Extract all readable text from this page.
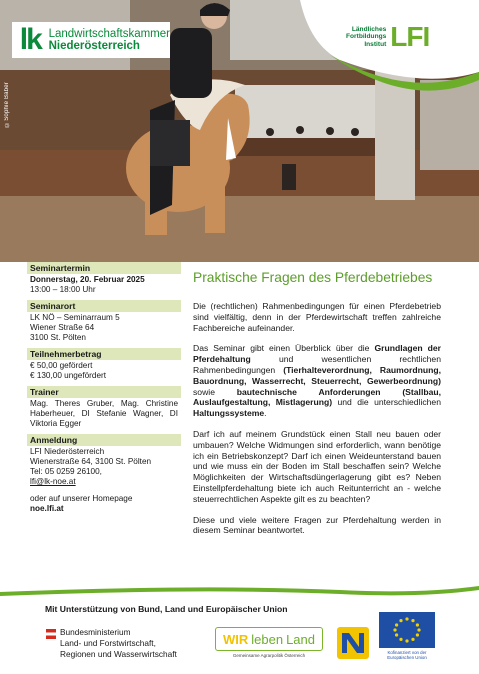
©Sophie Baber
lk Landwirtschaftskammer
Niederösterreich
Ländliches
Fortbildungs
Institut LFI
Seminartermin
Donnerstag, 20. Februar 2025
13:00 – 18:00 Uhr
Seminarort
LK NÖ – Seminarraum 5
Wiener Straße 64
3100 St. Pölten
Teilnehmerbetrag
€ 50,00 gefördert
€ 130,00 ungefördert
Trainer
Mag. Theres Gruber, Mag. Christine Haberheuer, DI Stefanie Wagner, DI Viktoria Egger
Anmeldung
LFI Niederösterreich
Wienerstraße 64, 3100 St. Pölten
Tel: 05 0259 26100,
lfi@lk-noe.at
oder auf unserer Homepage
noe.lfi.at
Praktische Fragen des Pferdebetriebes

Die (rechtlichen) Rahmenbedingungen für einen Pferdebetrieb sind vielfältig, denn in der Pferdewirtschaft treffen zahlreiche Fachbereiche aufeinander.

Das Seminar gibt einen Überblick über die Grundlagen der Pferdehaltung und wesentlichen rechtlichen Rahmenbedingungen (Tierhalteverordnung, Raumordnung, Bauordnung, Wasserrecht, Steuerrecht, Gewerbeordnung) sowie bautechnische Anforderungen (Stallbau, Auslaufgestaltung, Mistlagerung) und die unterschiedlichen Haltungssysteme.

Darf ich auf meinem Grundstück einen Stall neu bauen oder umbauen? Welche Widmungen sind erforderlich, wann benötige ich ein Betriebskonzept? Darf ich einen Weideunterstand bauen und wie muss ein der Boden im Stall beschaffen sein? Welche Möglichkeiten der Wirtschaftsdüngerlagerung gibt es? Neben Einstellpferdehaltung biete ich auch Reitunterricht an - welche steuerrechtlichen Aspekte gilt es zu beachten?

Diese und viele weitere Fragen zur Pferdehaltung werden in diesem Seminar beantwortet.

Mit Unterstützung von Bund, Land und Europäischer Union
Bundesministerium
Land- und Forstwirtschaft,
Regionen und Wasserwirtschaft
WIR leben Land
Gemeinsame Agrarpolitik Österreich
Kofinanziert von der
Europäischen Union
